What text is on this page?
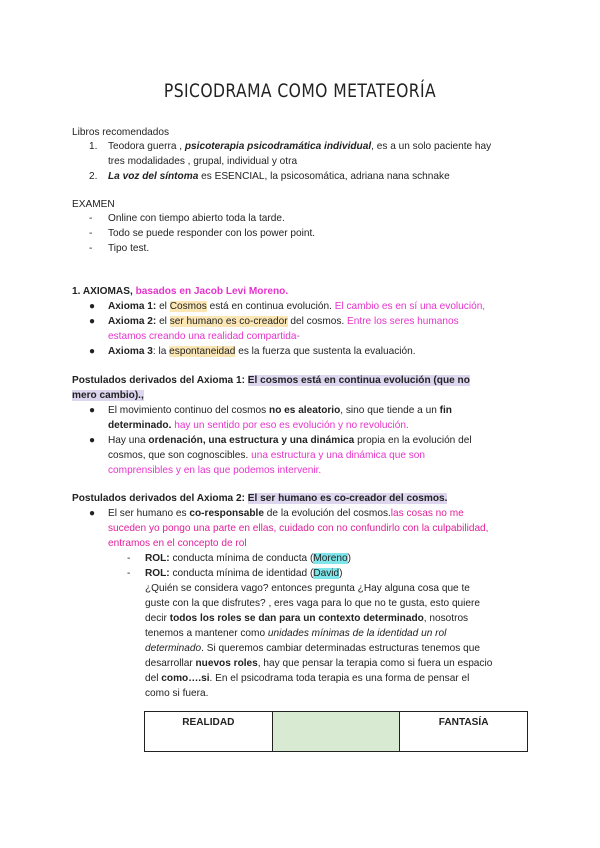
PSICODRAMA COMO METATEORÍA
Libros recomendados
1. Teodora guerra , psicoterapia psicodramática individual, es a un solo paciente hay
tres modalidades , grupal, individual y otra
2. La voz del síntoma es ESENCIAL, la psicosomática, adriana nana schnake
EXAMEN
- Online con tiempo abierto toda la tarde.
- Todo se puede responder con los power point.
- Tipo test.
1. AXIOMAS, basados en Jacob Levi Moreno.
● Axioma 1: el Cosmos está en continua evolución. El cambio es en sí una evolución,
● Axioma 2: el ser humano es co-creador del cosmos. Entre los seres humanos
estamos creando una realidad compartida-
● Axioma 3: la espontaneidad es la fuerza que sustenta la evaluación.
Postulados derivados del Axioma 1: El cosmos está en continua evolución (que no
mero cambio).,
● El movimiento continuo del cosmos no es aleatorio, sino que tiende a un fin
determinado. hay un sentido por eso es evolución y no revolución.
● Hay una ordenación, una estructura y una dinámica propia en la evolución del
cosmos, que son cognoscibles. una estructura y una dinámica que son
comprensibles y en las que podemos intervenir.
Postulados derivados del Axioma 2: El ser humano es co-creador del cosmos.
● El ser humano es co-responsable de la evolución del cosmos.las cosas no me
suceden yo pongo una parte en ellas, cuidado con no confundirlo con la culpabilidad,
entramos en el concepto de rol
- ROL: conducta mínima de conducta (Moreno)
- ROL: conducta mínima de identidad (David)
¿Quién se considera vago? entonces pregunta ¿Hay alguna cosa que te
guste con la que disfrutes? , eres vaga para lo que no te gusta, esto quiere
decir todos los roles se dan para un contexto determinado, nosotros
tenemos a mantener como unidades mínimas de la identidad un rol
determinado. Si queremos cambiar determinadas estructuras tenemos que
desarrollar nuevos roles, hay que pensar la terapia como si fuera un espacio
del como….si. En el psicodrama toda terapia es una forma de pensar el
como si fuera.
REALIDAD		FANTASÍA
